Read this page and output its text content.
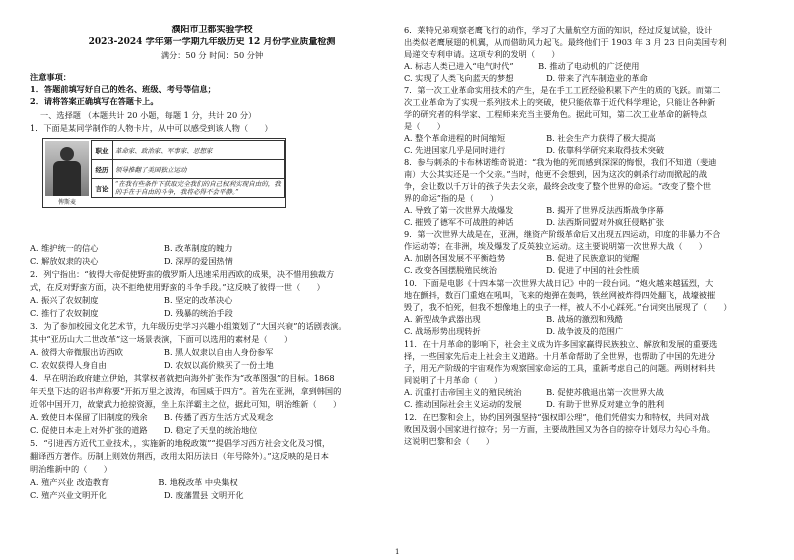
濮阳市卫都实验学校
2023-2024 学年第一学期九年级历史 12 月份学业质量检测
满分：50 分 时间：50 分钟
注意事项：
1．答题前填写好自己的姓名、班级、考号等信息；
2．请将答案正确填写在答题卡上。
一、选择题 （本题共计 20 小题，每题 1 分，共计 20 分）
1．下面是某同学制作的人物卡片，从中可以感受到该人物（　　）
俾斯麦
职业	革命家、政治家、军事家、思想家
经历	领导推翻了美国独立运动
言论	“在我有些条件下获取完全我们的自己权利实现自由的，我的手在于自由的斗争，我将必得不会平静。”
A. 维护统一的信心　　　　　　　　B. 改革制度的魄力
C. 解放奴隶的决心　　　　　　　　D. 深厚的爱国热情
2．列宁指出：“彼得大帝促使野蛮的俄罗斯人迅速采用西欧的成果，决不惜用独裁方
式，在反对野蛮方面，决不拒绝使用野蛮的斗争手段。”这反映了彼得一世（　　）
A. 振兴了农奴制度　　　　　　　　B. 坚定的改革决心
C. 推行了农奴制度　　　　　　　　D. 残暴的统治手段
3．为了参加校园文化艺术节，九年级历史学习兴趣小组策划了“大国兴衰”的话剧表演。
其中“亚历山大二世改革”这一场景表演，下面可以选用的素材是（　　）
A. 彼得大帝微服出访西欧　　　　　B. 黑人奴隶以自由人身份参军
C. 农奴获得人身自由　　　　　　　D. 农奴以高价赎买了一份土地
4．早在明治政府建立伊始，其掌权者就把向海外扩张作为“改革图强”的目标。1868
年天皇下达的诏书声称要“开拓万里之波涛，布国威于四方”。首先在亚洲，拿到韩国的
近邻中国开刀，故蒙武力抢掠资源，坐上东洋霸主之位，据此可知，明治维新（　　）
A. 致使日本保留了旧制度的残余　　B. 传播了西方生活方式及观念
C. 促使日本走上对外扩张的道路　　D. 稳定了天皇的统治地位
5．“引进西方近代工业技术，，实施新的地税政策”“提倡学习西方社会文化及习惯，
翻译西方著作。历制上则效仿荆西，改用太阳历法日（年号除外）。”这反映的是日本
明治维新中的（　　）
A. 殖产兴业 改造教育　　　　　　B. 地税改革 中央集权
C. 殖产兴业文明开化　　　　　　　D. 废藩置县 文明开化
6．莱特兄弟观察老鹰飞行的动作，学习了大量航空方面的知识，经过反复试验，设计
出类似老鹰展翅的机翼，从而借助风力起飞。最终他们于 1903 年 3 月 23 日向美国专利
局递交专利申请。这项专利的发明（　　）
A. 标志人类已进入“电气时代”　　　B. 推动了电动机的广泛使用
C. 实现了人类飞向蓝天的梦想　　　　D. 带来了汽车制造业的革命
7．第一次工业革命实用技术的产生，是在手工工匠经验积累下产生的质的飞跃。而第二
次工业革命为了实现一系列技术上的突破，使只能依靠于近代科学理论，只能让各种新
学的研究者的科学家、工程师来充当主要角色。据此可知，第二次工业革命的新特点
是（　　）
A. 整个革命进程的时间缩短　　　　　B. 社会生产力获得了极大提高
C. 先进国家几乎是同时进行　　　　　D. 依靠科学研究来取得技术突破
8．参与刺杀的卡布林诺维奇说道：“我为他的死而感到深深的悔恨，我们不知道（斐迪
南）大公其实还是一个父亲。”当时，他更不会想到，因为这次的刺杀行动而掀起的战
争，会让数以千万计的孩子失去父亲，最终会改变了整个世界的命运。“改变了整个世
界的命运”指的是（　　）
A. 导致了第一次世界大战爆发　　　　B. 揭开了世界反法西斯战争序幕
C. 摧毁了德军不可战胜的神话　　　　D. 法西斯同盟对外疯狂侵略扩张
9．第一次世界大战是在，亚洲，继资产阶级革命后又出现五四运动，印度的非暴力不合
作运动等；在非洲，埃及爆发了反英独立运动。这主要说明第一次世界大战（　　）
A. 加剧各国发展不平衡趋势　　　　　B. 促进了民族意识的觉醒
C. 改变各国摆脱殖民统治　　　　　　D. 促进了中国的社会性质
10．下面是电影《十四本第一次世界大战日记》中的一段台词。“炮火越来越猛烈，大
地在颤抖，数百门重炮在吼叫，飞来的炮弹在轰鸣，铁丝网被炸得四处翻飞，战壕被摧
毁了，我不怕死，但我不想像地上的虫子一样，被人不小心踩死。”台词突出展现了（　　）
A. 新型战争武器出现　　　　　　　　B. 战场的激烈和残酷
C. 战场形势出现转折　　　　　　　　D. 战争波及的范围广
11．在十月革命的影响下，社会主义成为许多国家赢得民族独立、解放和发展的重要选
择，一些国家先后走上社会主义道路。十月革命帮助了全世界，也帮助了中国的先进分
子，用无产阶级的宇宙观作为观察国家命运的工具，重新考虑自己的问题。两则材料共
同说明了十月革命（　　）
A. 沉重打击帝国主义的殖民统治　　　B. 促使苏俄退出第一次世界大战
C. 推动国际社会主义运动的发展　　　D. 有助于世界反对建立争的胜利
12．在巴黎和会上，协约国列强坚持“强权即公理”，他们凭借实力和特权，共同对战
败国及弱小国家进行掠夺；另一方面，主要战胜国又为各自的掠夺计划尽力勾心斗角。
这说明巴黎和会（　　）
1
